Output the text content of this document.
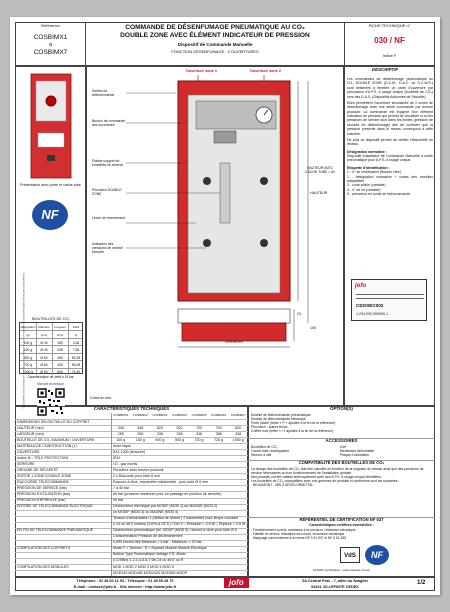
Référence
COSBIMX1
à
COSBIMX7
COMMANDE DE DÉSENFUMAGE PNEUMATIQUE AU CO₂
DOUBLE ZONE AVEC ÉLÉMENT INDICATEUR DE PRESSION
Dispositif de Commande Manuelle
FONCTION DÉSENFUMAGE : 2 OUVERTURES
FICHE TECHNIQUE n°
030 / NF
Indice F
Présentation avec porte et cache-tube
NF
BOUTEILLES DE CO₂
Désignation	Diamètre	Longueur	Débit
(g)	(mm)	(mm)	(l)
100 g	Ø 40	165	3,36
150 g	Ø 40	208	7,58
500 g	Ø 60	265	55,28
720 g	Ø 60	430	55,28
1000 g	Ø 60	600	75,40
Caractéristique de débit à 15 bar
Manuel technique
© Document non contractuel - Le fabricant se réserve le droit de modifier les caractéristiques techniques sans préavis
Ouverture zone 1	Ouverture zone 2
Sorties de télécommande
Bouton de commande des ouvertures
Platine support de bouteilles de réserve
Percuteur DOUBLE ZONE
Levier de réarmement
Indicateur des pressions de service sécurité
HAUTEUR AVEC CACHE-TUBE = 60
HAUTEUR
LARGEUR
23
105
Cotes en mm
DESCRIPTIF

Les commandes de désenfumage pneumatique au CO₂ DOUBLE ZONE (D.C.M., D.A.C. ou D.C.M.R.) sont destinées à émettre un ordre d'ouverture par percussion d'A.P.S. à usage unique (bouteille de CO₂) vers des D.A.S. (Dispositifs Actionnés de Sécurité).

Elles permettent l'ouverture simultanée de 2 zones de désenfumage avec une seule commande par bouton poussoir. La commande est équipée d'un élément indicateur de pression qui permet de visualiser si ou les pressions de service sont dans les limites (pression de sécurité de désenfumage) afin de contrôler que la pression présente dans le réseau correspond à celle calculée.

De plus ce dispositif permet de vérifier l'étanchéité du réseau.

Désignation normative :

Dispositif Adaptateur de Commande Manuelle à sortie pneumatique pour A.P.S. à usage unique.

Étiquette d'identification :

1 - n° de certification (Bouton vitre)

2 - désignation normative + codes des modules adaptables

3 - code article (variable)

4 - n° de lot (variable)

5 - pressions en sortie de télécommande

jofo
CDOSEC002
1.234.000.000000-1
CARACTÉRISTIQUES TECHNIQUES
COSBIMX1	COSBIMX2	COSBIMX3	COSBIMX4	COSBIMX5	COSBIMX6	COSBIMX7
DIMENSIONS SELON TAILLE DU COFFRET
HAUTEUR (mm)	348	448	520	520	700	700	820
LARGEUR (mm)	255	255	338	338	338	388	338
BOUTEILLE DE CO₂ MAXIMUM / OUVERTURE	100 g	150 g	500 g	500 g	720 g	720 g	1000 g
MATÉRIAU DE CONSTRUCTION (1)	Acier laqué
OUVERTURE	BXL 1000 (texturée)
Indice IK - TÔLE PROTECTION	IP42
SERRURE	I.D., gaz mortis
ORGANE DE SÉCURITÉ	Percuteur avec bouton poussoir
SORTIE 1 ZONE DOUBLE ZONE	2 x Raccords pour tube 6 mm
RACCORDE TÉLÉCOMMANDE	Raccord à olive, étanchéité métal/métal - pour tube Ø 6 mm
PRESSION DE SERVICE (bar)	7 à 40 bar
PRESSION D'UTILISATION (bar)	60 bar (pression maximum pour un passage en position de sécurité)
PRESSION D'ÉPREUVE (bar)	90 bar
ENTRÉE DE TÉLÉCOMMANDE ÉLECTRIQUE	Déclencheur électrique par MODIF (MOD 1) ou MAGNÉ (MOD 2)
ou MODIF (MOD 3) ou MAGNÉ (MOD 4)
Tension d'alimentation 1 (défaut de réarmt.) 2 transmettre pour temps constant
≥ 24 ou 48 V continu (±10% à 25°C) / 230 V – Émission = 3,5 W – Rupture = 3,5 W
EN FIN DE TÉLÉCOMMANDE PNEUMATIQUE	Déclencheur pneumatique (tel. MODP (MOD 5), raccord à olive pour tube Ø 6
Consommation Pression de déclenchement
0,095 Normo-litre Minimum = 4 bar - Maximum = 20 bar
COMPILATION DES COFFRETS	Mode F = Tension · R = Rupture Module Module Électrique
Bobine Type Pneumatique Voltage F.R. Mode
(COSBIx) 1-2-3-4-5-6-7 Ø6 24 ou 48 E ou R
COMPILATION DES MODULES	MOD 1 MOD 2 MOD 3 MOD 4 MOD 5
MOD240 MOD480 MOD2420 MOD480 MODP
OPTION(S)
Module de télécommande pneumatique.
Module de télécommande électrique.
Porte plaine (lettre « P » ajoutée à la fin de la référence).
Percuteur - autres tenue
Coffret inox (lettre « I » ajoutée à la fin de la référence).
ACCESSOIRES
Bouteilles de CO₂
Cache-tube rectangulaire
Serrure à clef
Clef
Membrane déformable
Plaque d'obturation
COMPATIBILITÉ DES BOUTEILLES DE CO₂

La charge des bouteilles de CO₂ doit être calculée en fonction de la longueur du réseau ainsi que des pressions de service nécessaires au bon fonctionnement de l'installation globale.

Nos produits ont été validés techniquement avec des A.P.S. à usage unique identifiées.

Les bouteilles de CO₂ compatibles avec nos gammes de produits et conformes sont les suivantes :

- BEAUMONT - MELZ ARCELORMITTAL

RÉFÉRENTIEL DE CERTIFICATION NF 537
Caractéristiques certifiées essentielles :

- Fonctionnement correct, résistance à la corrosion, résistance mécanique

- Fiabilité en service, résistance aux chocs, endurance mécanique

- Marquage conformément à la norme NF S 61-937 et NF S 61-938

VdS	NF
AFNOR Certification - www.marque-nf.com
Téléphone : 01 48 60 11 53 - Télécopie : 01 48 69 28 70
E-mail : contact@jofo.fr - Site internet : http://www.jofo.fr	jofo	ZA Central Parc - 7, allée du Sanglier
93421 VILLEPINTE CEDEX
1/2
